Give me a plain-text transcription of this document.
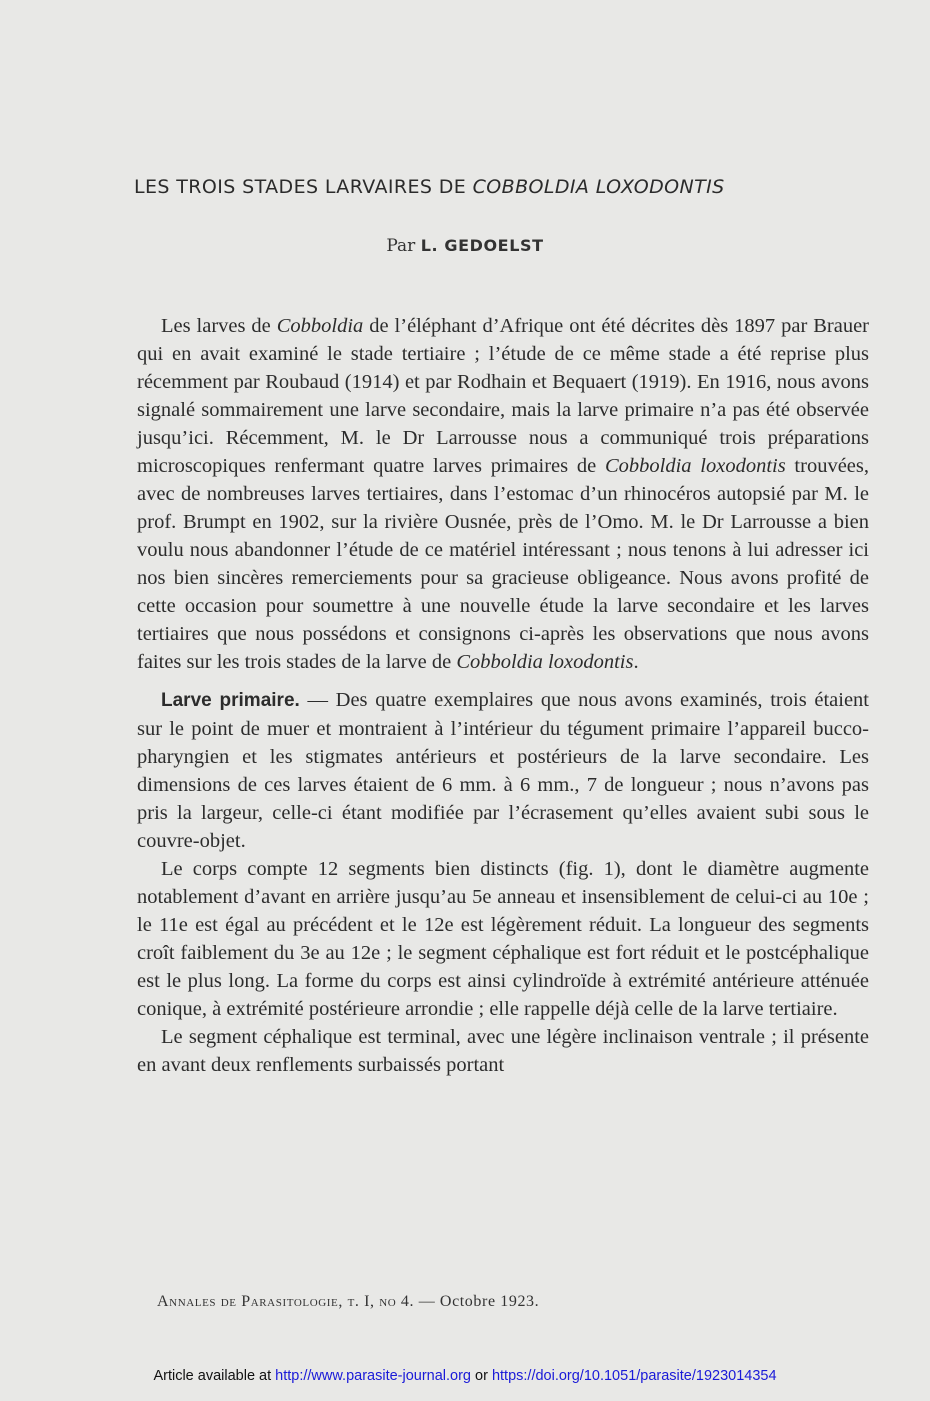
LES TROIS STADES LARVAIRES DE COBBOLDIA LOXODONTIS
Par L. GEDOELST

Les larves de Cobboldia de l’éléphant d’Afrique ont été décrites dès 1897 par Brauer qui en avait examiné le stade tertiaire ; l’étude de ce même stade a été reprise plus récemment par Roubaud (1914) et par Rodhain et Bequaert (1919). En 1916, nous avons signalé sommairement une larve secondaire, mais la larve primaire n’a pas été observée jusqu’ici. Récemment, M. le Dr Larrousse nous a communiqué trois préparations microscopiques renfermant quatre larves primaires de Cobboldia loxodontis trouvées, avec de nombreuses larves tertiaires, dans l’estomac d’un rhinocéros autopsié par M. le prof. Brumpt en 1902, sur la rivière Ousnée, près de l’Omo. M. le Dr Larrousse a bien voulu nous abandonner l’étude de ce matériel intéressant ; nous tenons à lui adresser ici nos bien sincères remerciements pour sa gracieuse obligeance. Nous avons profité de cette occasion pour soumettre à une nouvelle étude la larve secondaire et les larves tertiaires que nous possédons et consignons ci-après les observations que nous avons faites sur les trois stades de la larve de Cobboldia loxodontis.

Larve primaire. — Des quatre exemplaires que nous avons examinés, trois étaient sur le point de muer et montraient à l’intérieur du tégument primaire l’appareil bucco-pharyngien et les stigmates antérieurs et postérieurs de la larve secondaire. Les dimensions de ces larves étaient de 6 mm. à 6 mm., 7 de longueur ; nous n’avons pas pris la largeur, celle-ci étant modifiée par l’écrasement qu’elles avaient subi sous le couvre-objet.

Le corps compte 12 segments bien distincts (fig. 1), dont le diamètre augmente notablement d’avant en arrière jusqu’au 5e anneau et insensiblement de celui-ci au 10e ; le 11e est égal au précédent et le 12e est légèrement réduit. La longueur des segments croît faiblement du 3e au 12e ; le segment céphalique est fort réduit et le postcéphalique est le plus long. La forme du corps est ainsi cylindroïde à extrémité antérieure atténuée conique, à extrémité postérieure arrondie ; elle rappelle déjà celle de la larve tertiaire.

Le segment céphalique est terminal, avec une légère inclinaison ventrale ; il présente en avant deux renflements surbaissés portant

Annales de Parasitologie, t. I, no 4. — Octobre 1923.
Article available at http://www.parasite-journal.org or https://doi.org/10.1051/parasite/1923014354
